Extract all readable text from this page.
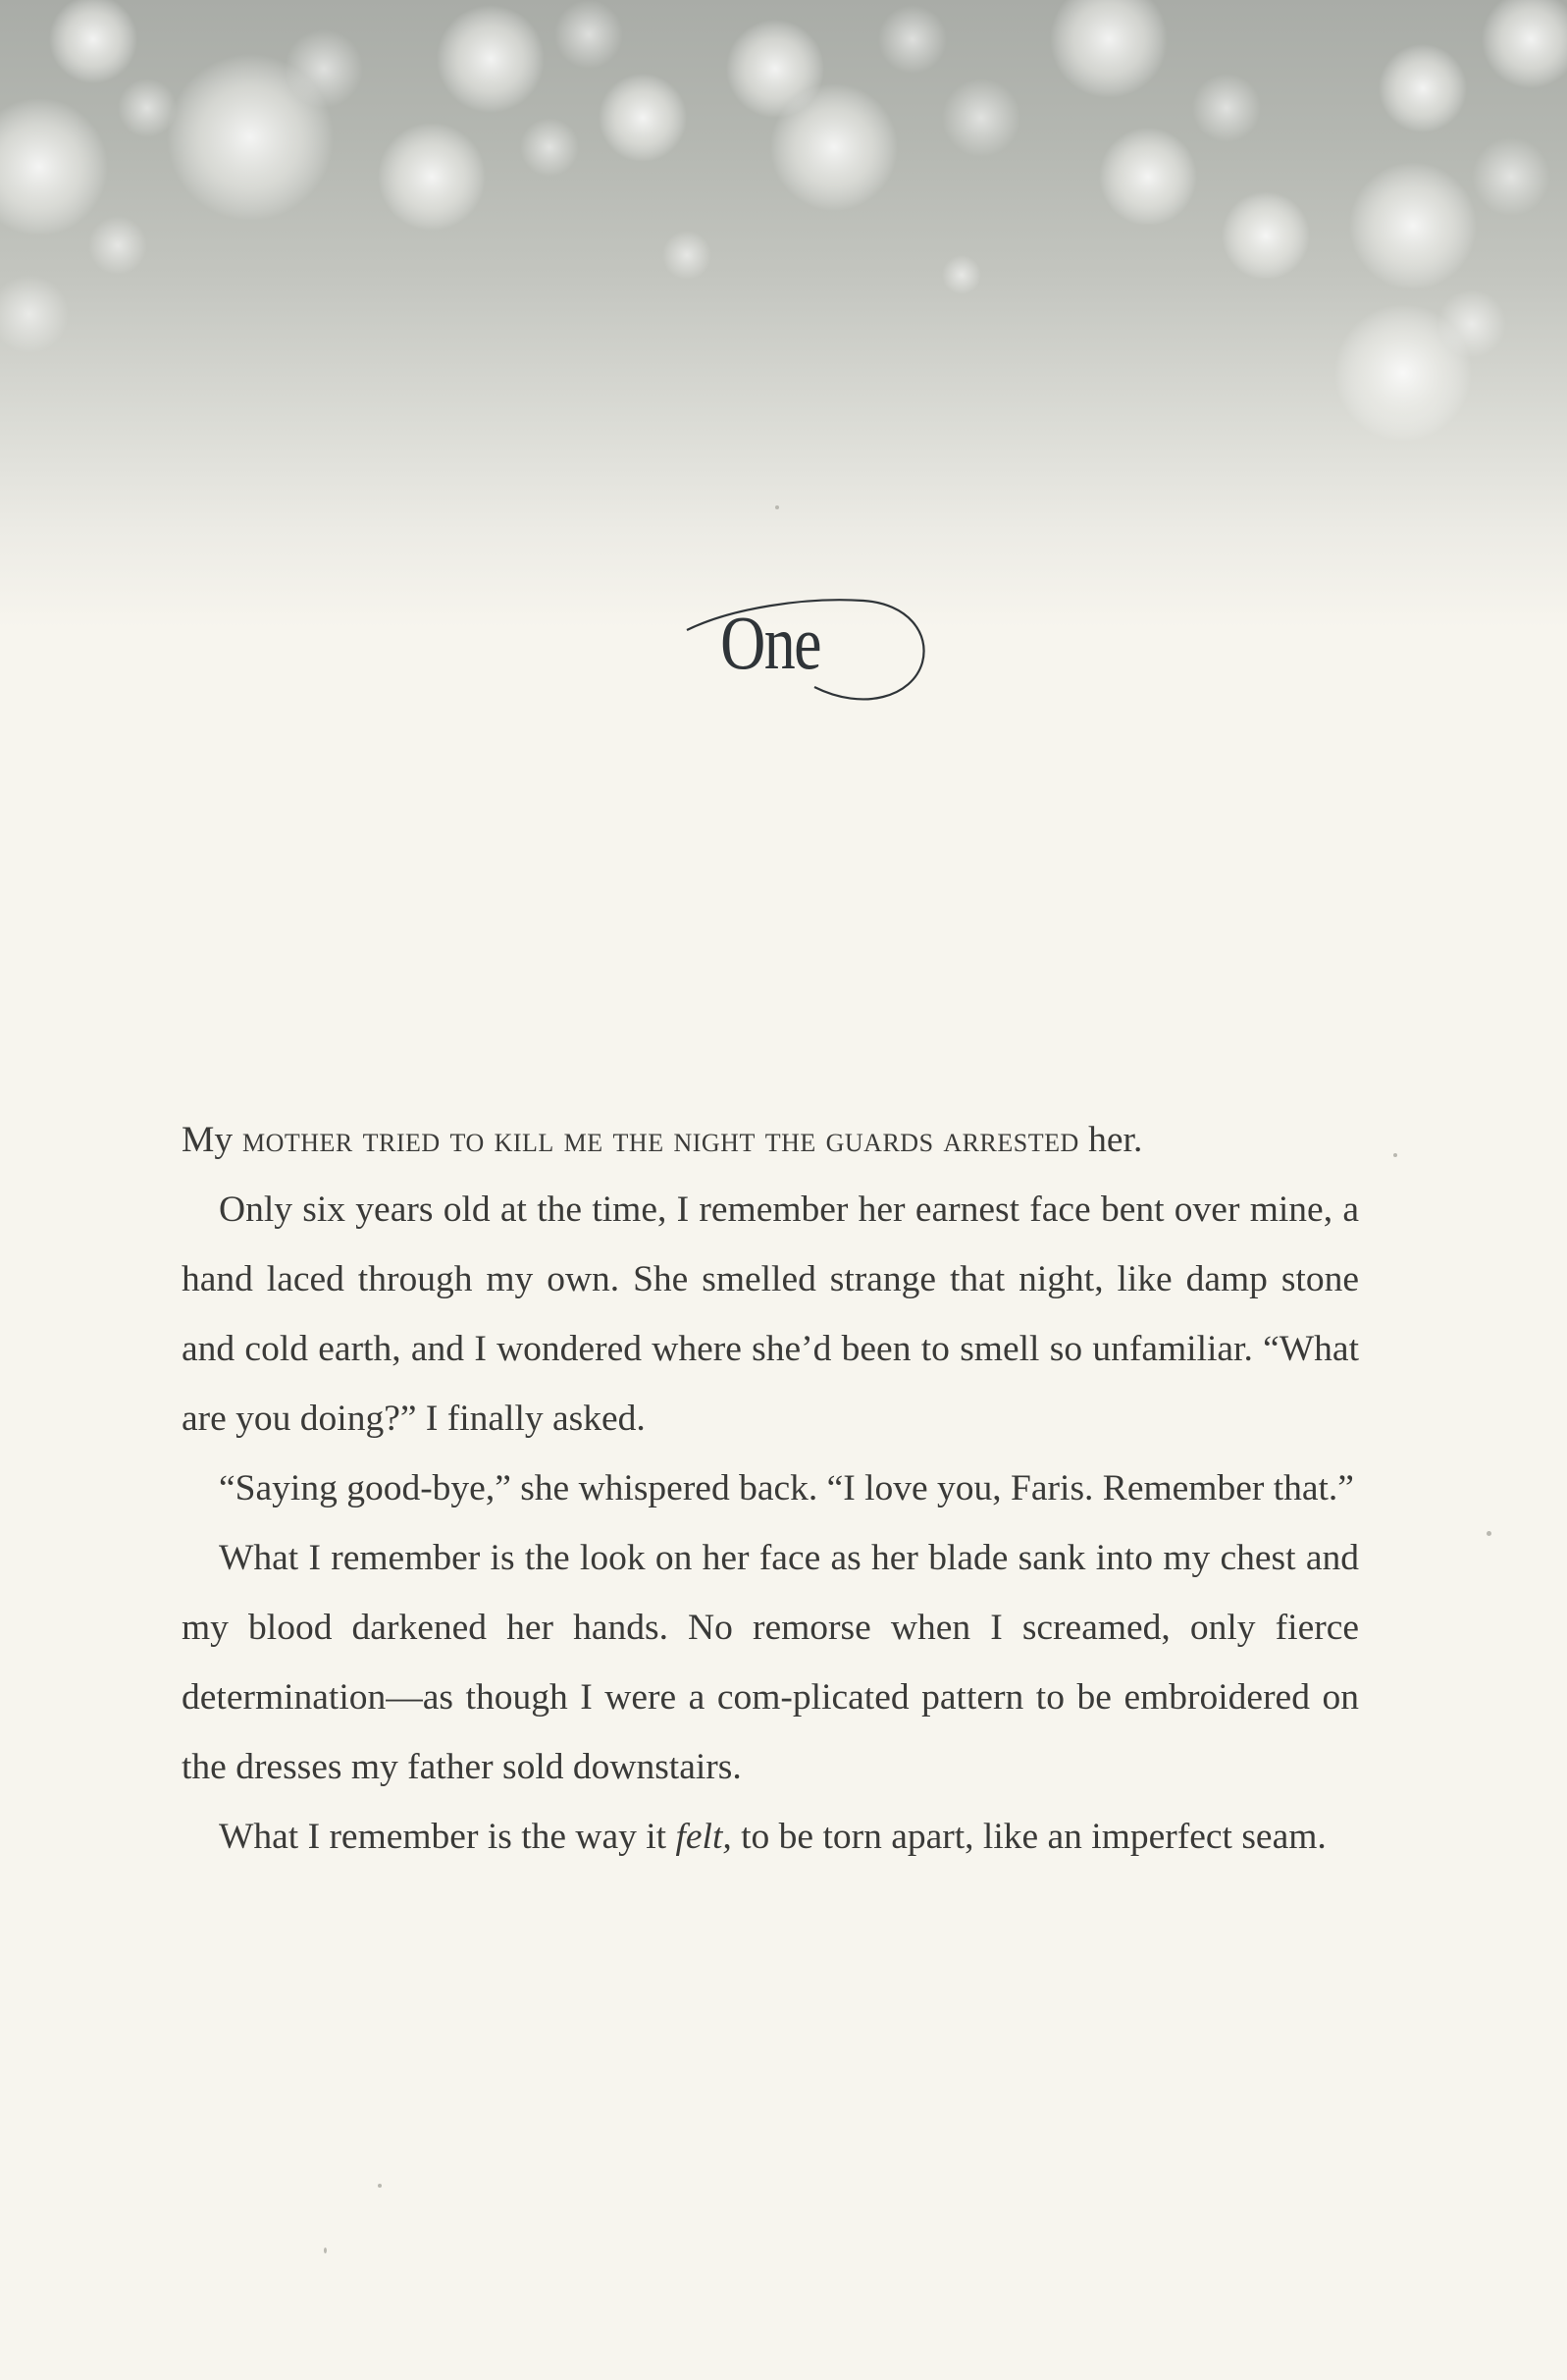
One

My mother tried to kill me the night the guards arrested her.

Only six years old at the time, I remember her earnest face bent over mine, a hand laced through my own. She smelled strange that night, like damp stone and cold earth, and I wondered where she’d been to smell so unfamiliar. “What are you doing?” I finally asked.

“Saying good-bye,” she whispered back. “I love you, Faris. Remember that.”

What I remember is the look on her face as her blade sank into my chest and my blood darkened her hands. No remorse when I screamed, only fierce determination—as though I were a com-plicated pattern to be embroidered on the dresses my father sold downstairs.

What I remember is the way it felt, to be torn apart, like an imperfect seam.
